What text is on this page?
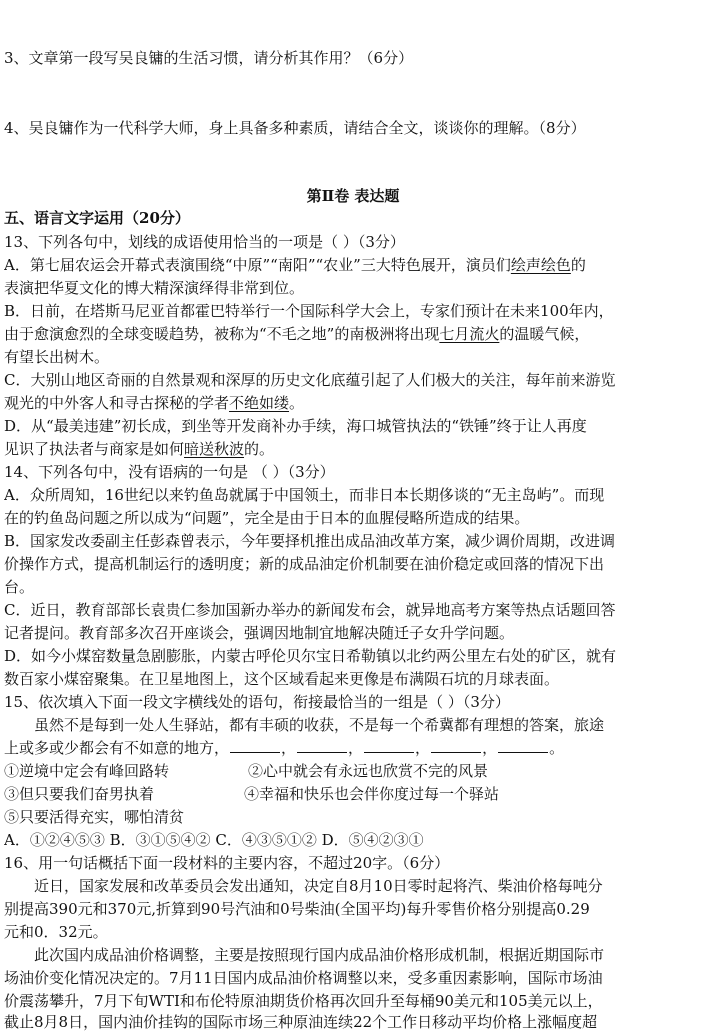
3、文章第一段写吴良镛的生活习惯，请分析其作用？（6分）
4、吴良镛作为一代科学大师，身上具备多种素质，请结合全文，谈谈你的理解。（8分）
第Ⅱ卷 表达题
五、语言文字运用（20分）
13、下列各句中，划线的成语使用恰当的一项是（ ）（3分）
A．第七届农运会开幕式表演围绕“中原”“南阳”“农业”三大特色展开，演员们绘声绘色的
表演把华夏文化的博大精深演绎得非常到位。
B．日前，在塔斯马尼亚首都霍巴特举行一个国际科学大会上，专家们预计在未来100年内，
由于愈演愈烈的全球变暖趋势，被称为“不毛之地”的南极洲将出现七月流火的温暖气候，
有望长出树木。
C．大别山地区奇丽的自然景观和深厚的历史文化底蕴引起了人们极大的关注，每年前来游览
观光的中外客人和寻古探秘的学者不绝如缕。
D．从“最美违建”初长成，到坐等开发商补办手续，海口城管执法的“铁锤”终于让人再度
见识了执法者与商家是如何暗送秋波的。
14、下列各句中，没有语病的一句是 （ ）（3分）
A．众所周知，16世纪以来钓鱼岛就属于中国领土，而非日本长期侈谈的“无主岛屿”。而现
在的钓鱼岛问题之所以成为“问题”，完全是由于日本的血腥侵略所造成的结果。
B．国家发改委副主任彭森曾表示，今年要择机推出成品油改革方案，减少调价周期，改进调
价操作方式，提高机制运行的透明度；新的成品油定价机制要在油价稳定或回落的情况下出
台。
C．近日，教育部部长袁贵仁参加国新办举办的新闻发布会，就异地高考方案等热点话题回答
记者提问。教育部多次召开座谈会，强调因地制宜地解决随迁子女升学问题。
D．如今小煤窑数量急剧膨胀，内蒙古呼伦贝尔宝日希勒镇以北约两公里左右处的矿区，就有
数百家小煤窑聚集。在卫星地图上，这个区域看起来更像是布满陨石坑的月球表面。
15、依次填入下面一段文字横线处的语句，衔接最恰当的一组是（ ）（3分）
虽然不是每到一处人生驿站，都有丰硕的收获，不是每一个希冀都有理想的答案，旅途
上或多或少都会有不如意的地方，	，	，	，	，	。
①逆境中定会有峰回路转	②心中就会有永远也欣赏不完的风景
③但只要我们奋男执着	④幸福和快乐也会伴你度过每一个驿站
⑤只要活得充实，哪怕清贫
A．①②④⑤③ B．③①⑤④② C．④③⑤①② D．⑤④②③①
16、用一句话概括下面一段材料的主要内容，不超过20字。（6分）
近日，国家发展和改革委员会发出通知，决定自8月10日零时起将汽、柴油价格每吨分
别提高390元和370元,折算到90号汽油和0号柴油(全国平均)每升零售价格分别提高0.29
元和0．32元。
此次国内成品油价格调整，主要是按照现行国内成品油价格形成机制，根据近期国际市
场油价变化情况决定的。7月11日国内成品油价格调整以来，受多重因素影响，国际市场油
价震荡攀升，7月下旬WTI和布伦特原油期货价格再次回升至每桶90美元和105美元以上，
截止8月8日，国内油价挂钩的国际市场三种原油连续22个工作日移动平均价格上涨幅度超
